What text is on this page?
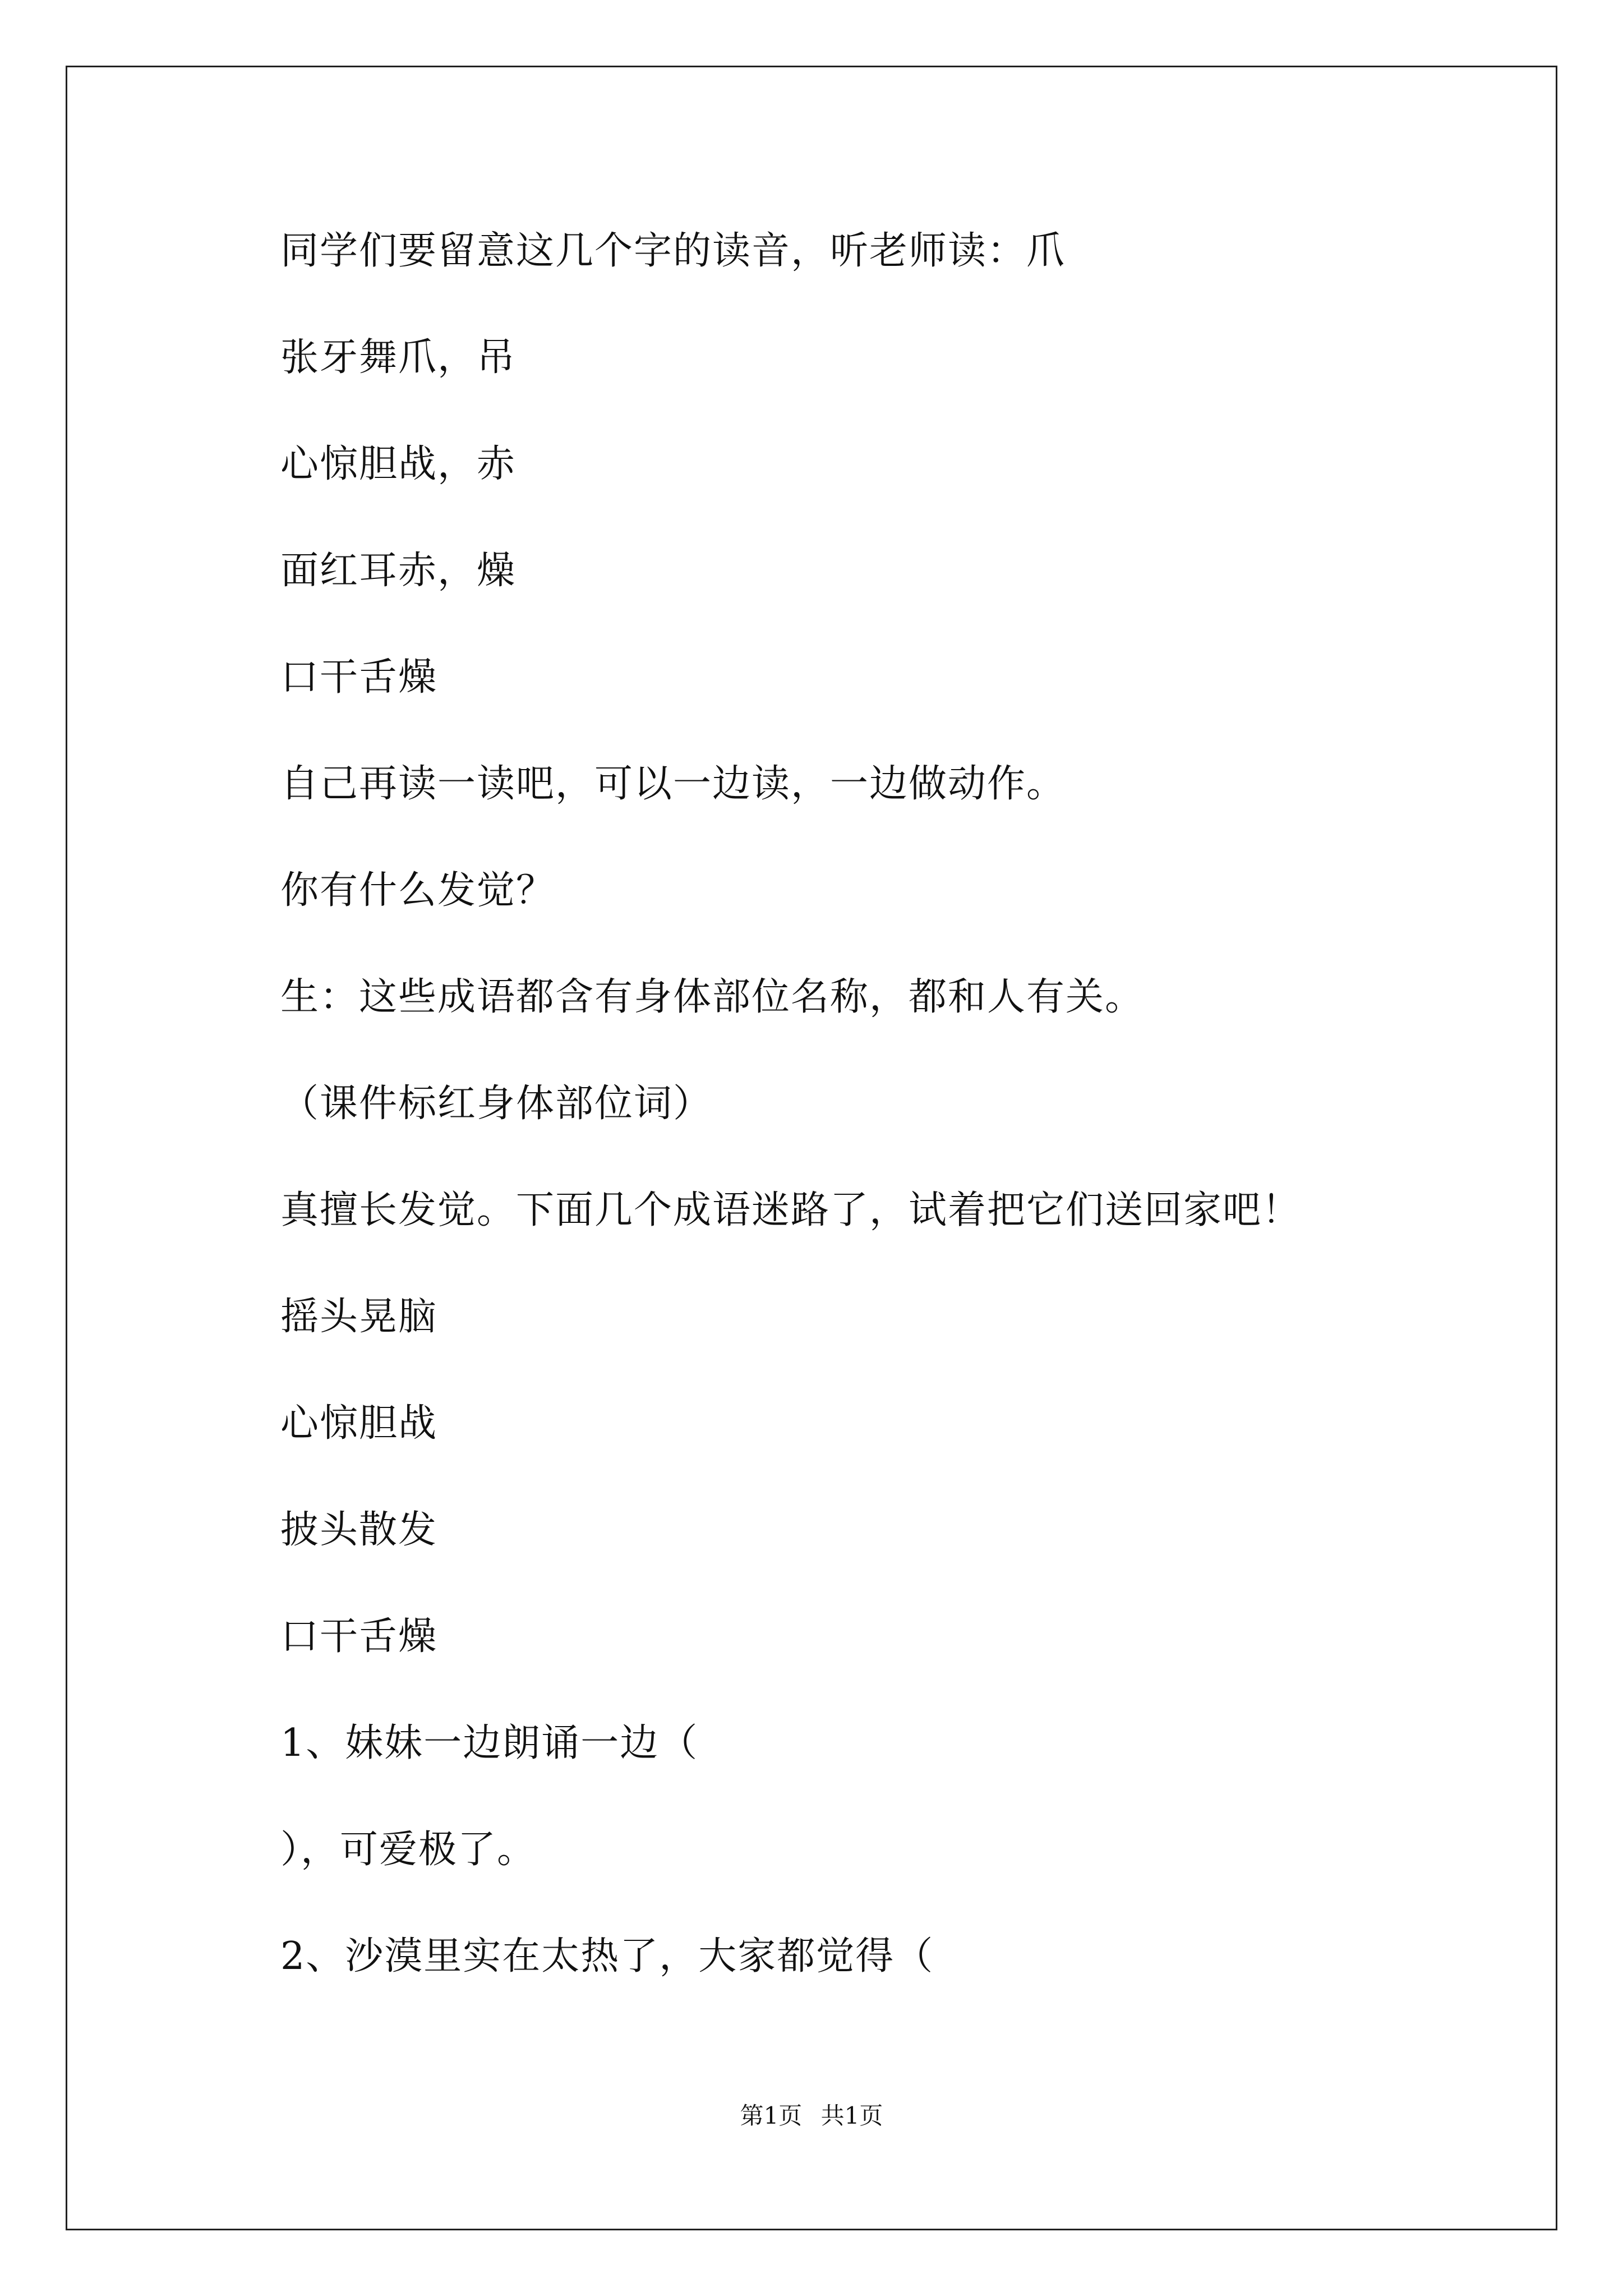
同学们要留意这几个字的读音，听老师读：爪
张牙舞爪，吊
心惊胆战，赤
面红耳赤，燥
口干舌燥
自己再读一读吧，可以一边读，一边做动作。
你有什么发觉？
生：这些成语都含有身体部位名称，都和人有关。
（课件标红身体部位词）
真擅长发觉。下面几个成语迷路了，试着把它们送回家吧！
摇头晃脑
心惊胆战
披头散发
口干舌燥
1、妹妹一边朗诵一边（
），可爱极了。
2、沙漠里实在太热了，大家都觉得（
第1页 共1页
